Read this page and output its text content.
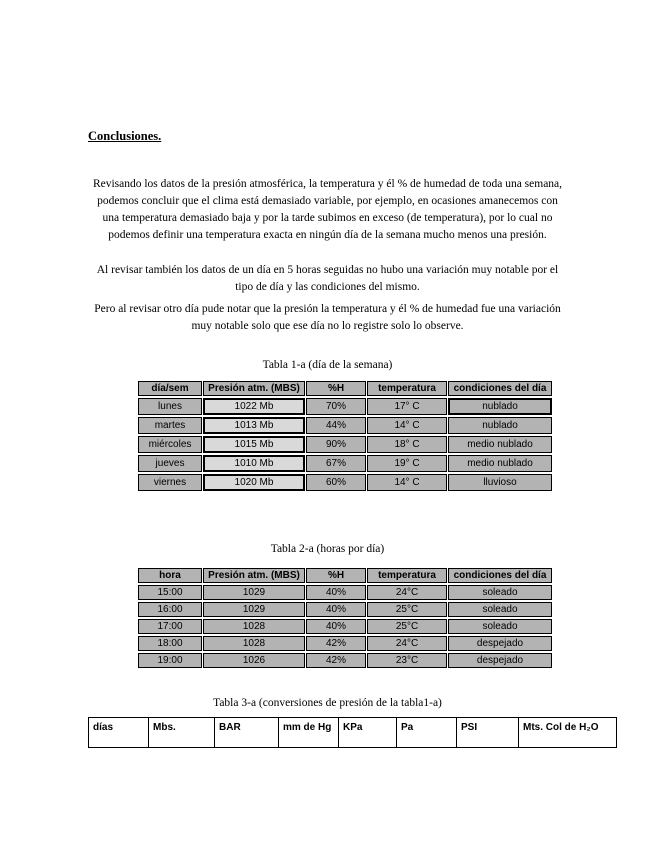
Conclusiones.

Revisando los datos de la presión atmosférica, la temperatura y él % de humedad de toda una semana, podemos concluir que el clima está demasiado variable, por ejemplo, en ocasiones amanecemos con una temperatura demasiado baja y por la tarde subimos en exceso (de temperatura), por lo cual no podemos definir una temperatura exacta en ningún día de la semana mucho menos una presión.

Al revisar también los datos de un día en 5 horas seguidas no hubo una variación muy notable por el tipo de día y las condiciones del mismo.

Pero al revisar otro día pude notar que la presión la temperatura y él % de humedad fue una variación muy notable solo que ese día no lo registre solo lo observe.

Tabla 1-a (día de la semana)
día/sem	Presión atm. (MBS)	%H	temperatura	condiciones del día
lunes	1022 Mb	70%	17° C	nublado
martes	1013 Mb	44%	14° C	nublado
miércoles	1015 Mb	90%	18° C	medio nublado
jueves	1010 Mb	67%	19° C	medio nublado
viernes	1020 Mb	60%	14° C	lluvioso
Tabla 2-a (horas por día)
hora	Presión atm. (MBS)	%H	temperatura	condiciones del día
15:00	1029	40%	24°C	soleado
16:00	1029	40%	25°C	soleado
17:00	1028	40%	25°C	soleado
18:00	1028	42%	24°C	despejado
19:00	1026	42%	23°C	despejado
Tabla 3-a (conversiones de presión de la tabla1-a)
días	Mbs.	BAR	mm de Hg	KPa	Pa	PSI	Mts. Col de H₂O
